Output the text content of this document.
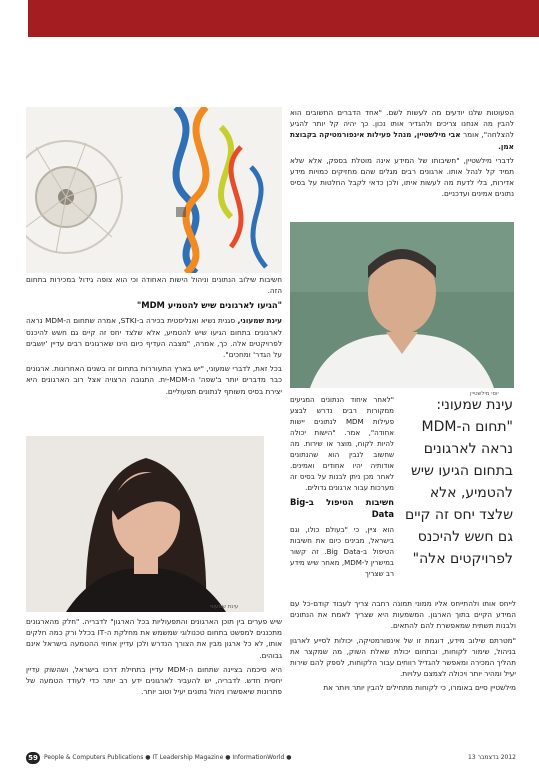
הפעוטות שלנו יודעים מה לעשות לשם. "אחד הדברים החשובים הוא להבין מה אנחנו צריכים ולהגדיר אותו נכון. כך יהיה קל יותר להגיע להצלחה", אומר אבי מילשטיין, מנהל פעילות אינפורמטיקה בקבוצת אמן.

לדברי מילשטיין, "חשיבותו של המידע אינה מוטלת בספק, אלא שלא תמיד קל לנהל אותו. ארגונים רבים מגלים שהם מחזיקים כמויות מידע אדירות, בלי לדעת מה לעשות איתו, ולכן כדאי לקבל החלטות על בסיס נתונים אמינים ועדכניים.

יוסי מילשטיין

חשיבות שילוב הנתונים וניהול הישות האחודה וכי הוא צופה גידול במכירות בתחום הזה.

"הגיעו לארגונים שיש להטמיע MDM"

עינת שמעוני, סגנית נשיא ואנליסטית בכירה ב-STKI, אמרה שתחום ה-MDM נראה לארגונים בתחום הגיעו שיש להטמיע, אלא שלצד יחס זה קיים גם חשש להיכנס לפרויקטים אלה. כך, אמרה, "מצבה העדיף כיום הינו שארגונים רבים עדיין 'יושבים על הגדר' ומחכים".

בכל זאת, לדברי שמעוני, "יש בארץ התעוררות בתחום זה בשנים האחרונות. ארגונים כבר מדברים יותר ב'שפה' ה-MDM-ית. התגובה הרצויה אצל רוב הארגונים היא יצירת בסיס משותף לנתונים תפעוליים.

עינת שמעוני
עינת שמעוני: "תחום ה-MDM נראה לארגונים בתחום הגיעו שיש להטמיע, אלא שלצד יחס זה קיים גם חשש להיכנס לפרויקטים אלה"

"לאחר איחוד הנתונים המגיעים ממקורות רבים נדרש לבצע פעילות MDM לנתונים יישות אחודה", אמר. "הישות יכולה להיות לקוח, מוצר או שירות. מה שחשוב לנבין הוא שהנתונים אודותיה יהיו אחודים ואמינים. לאחר מכן ניתן לבנות על בסיס זה מערכות עבור ארגונים גדולים.

חשיבות הטיפול ב-Big Data

הוא ציין, כי "בעולם כולו, וגם בישראל, מבינים כיום את חשיבות הטיפול ב-Big Data. זה קשור במישרין ל-MDM, מאחר שיש מידע רב שצריך

לייחס אותו ולהתייחס אליו ממוני תמונה רחבה צריך לעבוד קודם-כל עם המידע הקיים בתוך הארגון. המשמעות היא שצריך לאמת את הנתונים ולבנות תשתית שמאפשרת להם להתאים.

"מטרתם שילוב מידע, דוגמת זו של אינפורמטיקה, יכולות לסייע לארגון בניהול, שימור לקוחות, ובתחום יכולת שאלת השוק, מה שמקצר את תהליך המכירה ומאפשר להגדיל רווחים עבור הלקוחות, לספק להם שירות יעיל ומהיר יותר ויכולה לצמצם עלויות.

מילשטיין סיים באומרו, כי לקוחות מתחילים להבין יותר ויותר את

שיש פערים בין תוכן הארגונים והתפעוליות בכל הארגון" לדבריה. "חלק מהארגונים מתכננים למפשט בתחום טכנולוגי שמשמש את מחלקת ה-IT בכלל ורק כמה חלקים אותו, לא כל ארגון מבין את הצורך הנדרש ולכן עדיין אחוזי ההטמעה בישראל אינם גבוהים.

היא סיכמה בציינה שתחום ה-MDM עדיין בתחילת דרכו בישראל, ושהשוק עדיין יחסית חדש. לדבריה, יש להעביר לארגונים ידע רב יותר כדי לעודד הטמעה של פתרונות שיאפשרו ניהול נתונים יעיל וטוב יותר.

59	People & Computers Publications ● IT Leadership Magazine ● InformationWorld ●	2012 בדצמבר 13
